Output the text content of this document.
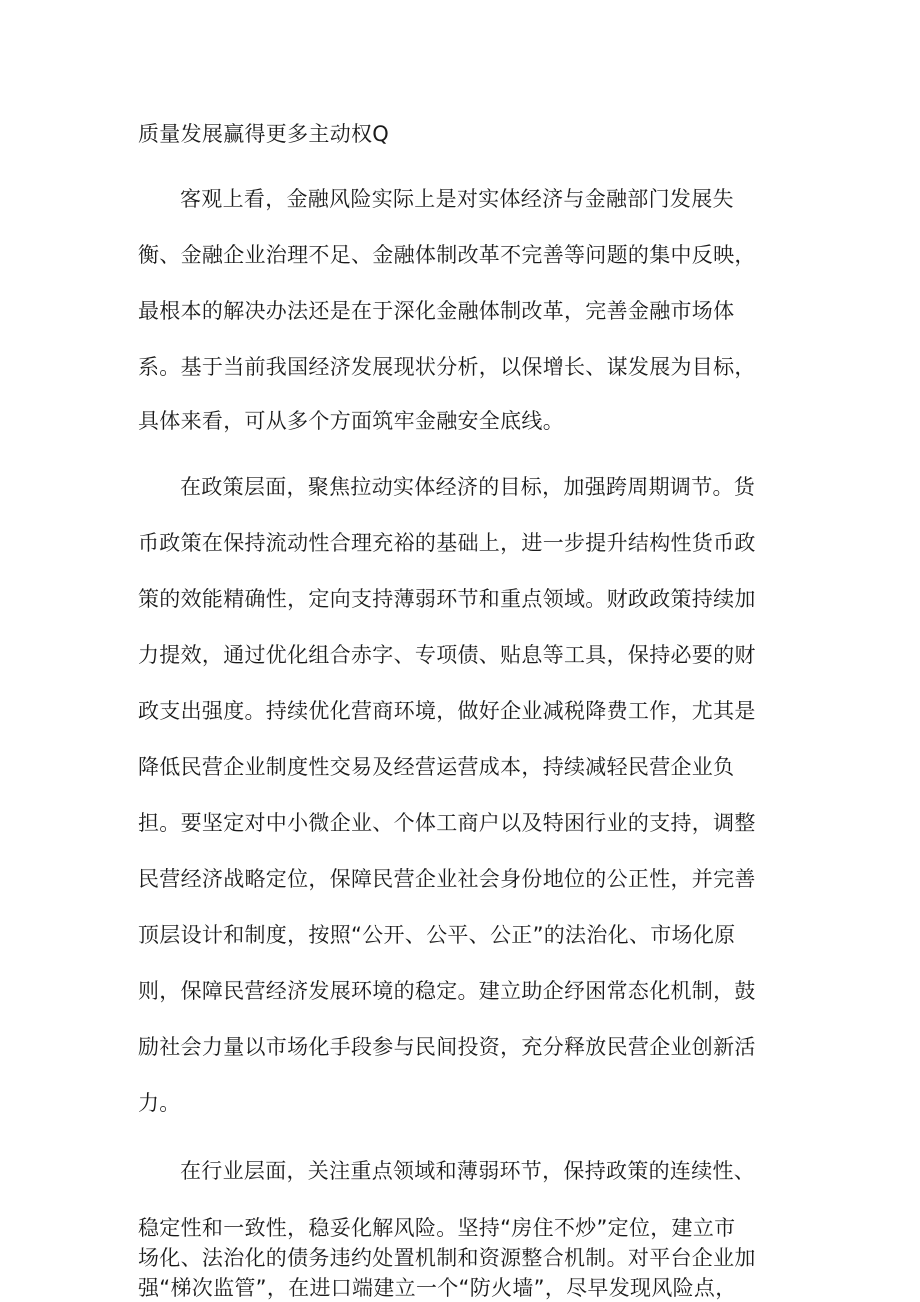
质量发展赢得更多主动权Q
客观上看，金融风险实际上是对实体经济与金融部门发展失
衡、金融企业治理不足、金融体制改革不完善等问题的集中反映，
最根本的解决办法还是在于深化金融体制改革，完善金融市场体
系。基于当前我国经济发展现状分析，以保增长、谋发展为目标，
具体来看，可从多个方面筑牢金融安全底线。
在政策层面，聚焦拉动实体经济的目标，加强跨周期调节。货
币政策在保持流动性合理充裕的基础上，进一步提升结构性货币政
策的效能精确性，定向支持薄弱环节和重点领域。财政政策持续加
力提效，通过优化组合赤字、专项债、贴息等工具，保持必要的财
政支出强度。持续优化营商环境，做好企业减税降费工作，尤其是
降低民营企业制度性交易及经营运营成本，持续减轻民营企业负
担。要坚定对中小微企业、个体工商户以及特困行业的支持，调整
民营经济战略定位，保障民营企业社会身份地位的公正性，并完善
顶层设计和制度，按照“公开、公平、公正”的法治化、市场化原
则，保障民营经济发展环境的稳定。建立助企纾困常态化机制，鼓
励社会力量以市场化手段参与民间投资，充分释放民营企业创新活
力。
在行业层面，关注重点领域和薄弱环节，保持政策的连续性、
稳定性和一致性，稳妥化解风险。坚持“房住不炒”定位，建立市
场化、法治化的债务违约处置机制和资源整合机制。对平台企业加
强“梯次监管”，在进口端建立一个“防火墙”，尽早发现风险点，
